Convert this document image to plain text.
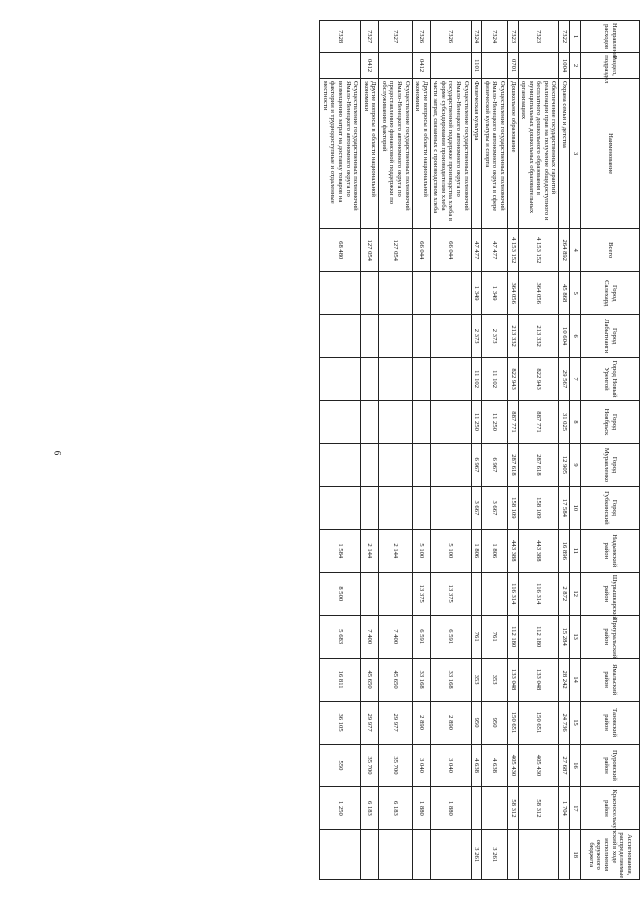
6
Направление расходов	Раздел, подраздел	Наименование	Всего	Город Салехард	Город Лабытнанги	Город Новый Уренгой	Город Ноябрьск	Город Муравленко	Город Губкинский	Надымский район	Шурышкарский район	Приуральский район	Ямальский район	Тазовский район	Пуровский район	Красноселькупский район	Ассигнования, распределяемые в ходе исполнения окружного бюджета
1	2	3	4	5	6	7	8	9	10	11	12	13	14	15	16	17	18
7322	1004	Охрана семьи и детства	264 892	45 868	10 604	29 567	31 025	12 905	17 584	16 896	2 872	15 284	28 242	24 736	27 687	1 704	
7323		Обеспечение государственных гарантий реализации прав на получение общедоступного и бесплатного дошкольного образования в муниципальных дошкольных образовательных организациях	4 153 152	364 056	213 332	822 943	887 771	287 618	158 109	443 388	116 314	112 180	133 048	150 651	405 430	58 312	
7323	0701	Дошкольное образование	4 153 152	364 056	213 332	822 943	887 771	287 618	158 109	443 388	116 314	112 180	133 048	150 651	405 430	58 312	
7324		Осуществление государственных полномочий Ямало-Ненецкого автономного округа в сфере физической культуры и спорта	47 477	1 349	2 373	11 102	11 250	6 967	3 667	1 806		761	353	950	4 638		3 261
7324	1101	Физическая культура	47 477	1 349	2 373	11 102	11 250	6 967	3 667	1 806		761	353	950	4 638		3 261
7326		Осуществление государственных полномочий Ямало-Ненецкого автономного округа по государственной поддержке производства хлеба в форме субсидирования производителям хлеба части затрат, связанных с производством хлеба	66 044							5 100	13 375	6 591	33 168	2 890	3 040	1 880	
7326	0412	Другие вопросы в области национальной экономики	66 044							5 100	13 375	6 591	33 168	2 890	3 040	1 880	
7327		Осуществление государственных полномочий Ямало-Ненецкого автономного округа по предоставлению финансовой поддержки по обслуживанию факторий	127 054							2 144		7 400	45 650	29 977	35 700	6 183	
7327	0412	Другие вопросы в области национальной экономики	127 054							2 144		7 400	45 650	29 977	35 700	6 183	
7328		Осуществление государственных полномочий Ямало-Ненецкого автономного округа по возмещению затрат на доставку товаров на фактории и труднодоступные и отдаленные местности	68 480							1 584	8 500	5 683	16 811	36 105	550	1 250	
